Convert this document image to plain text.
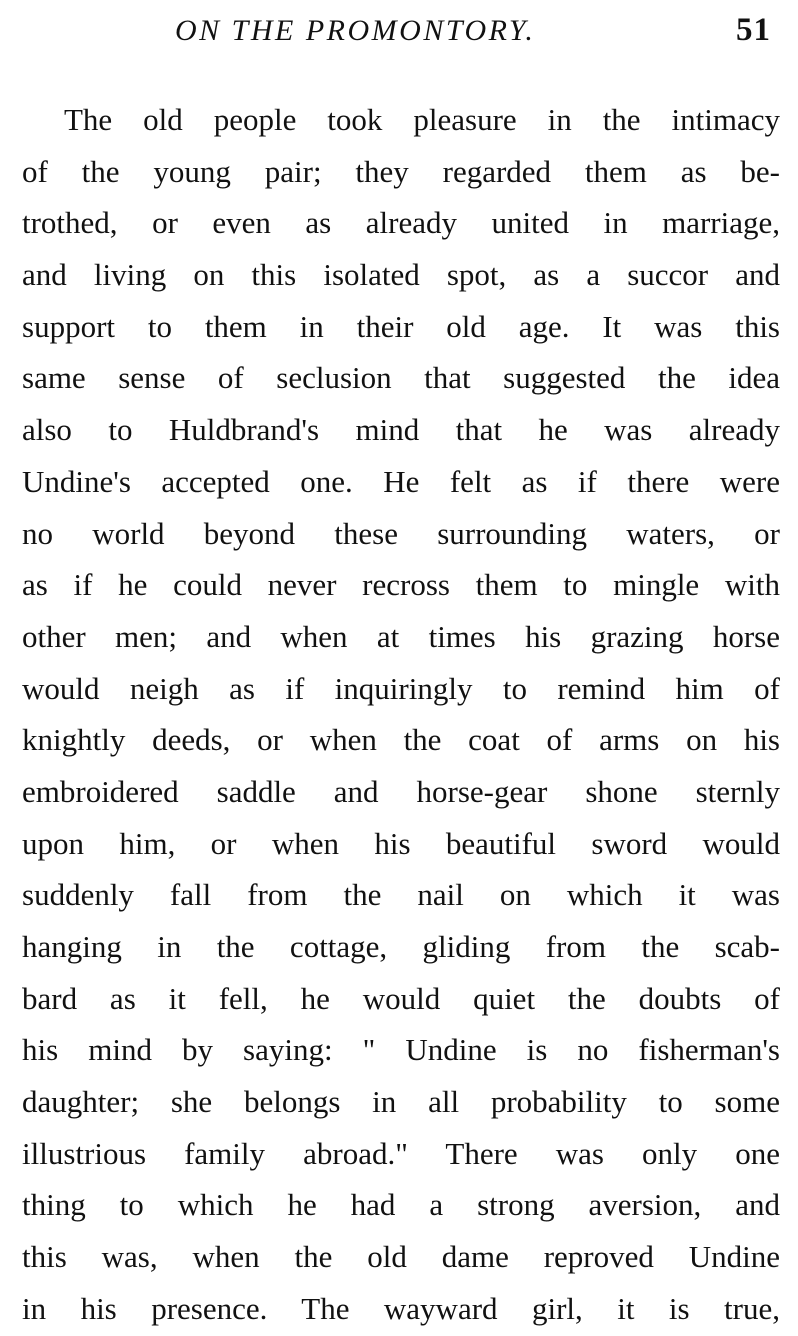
ON THE PROMONTORY.	51
The old people took pleasure in the intimacy
of the young pair; they regarded them as be-
trothed, or even as already united in marriage,
and living on this isolated spot, as a succor and
support to them in their old age. It was this
same sense of seclusion that suggested the idea
also to Huldbrand's mind that he was already
Undine's accepted one. He felt as if there were
no world beyond these surrounding waters, or
as if he could never recross them to mingle with
other men; and when at times his grazing horse
would neigh as if inquiringly to remind him of
knightly deeds, or when the coat of arms on his
embroidered saddle and horse-gear shone sternly
upon him, or when his beautiful sword would
suddenly fall from the nail on which it was
hanging in the cottage, gliding from the scab-
bard as it fell, he would quiet the doubts of
his mind by saying: " Undine is no fisherman's
daughter; she belongs in all probability to some
illustrious family abroad." There was only one
thing to which he had a strong aversion, and
this was, when the old dame reproved Undine
in his presence. The wayward girl, it is true,
